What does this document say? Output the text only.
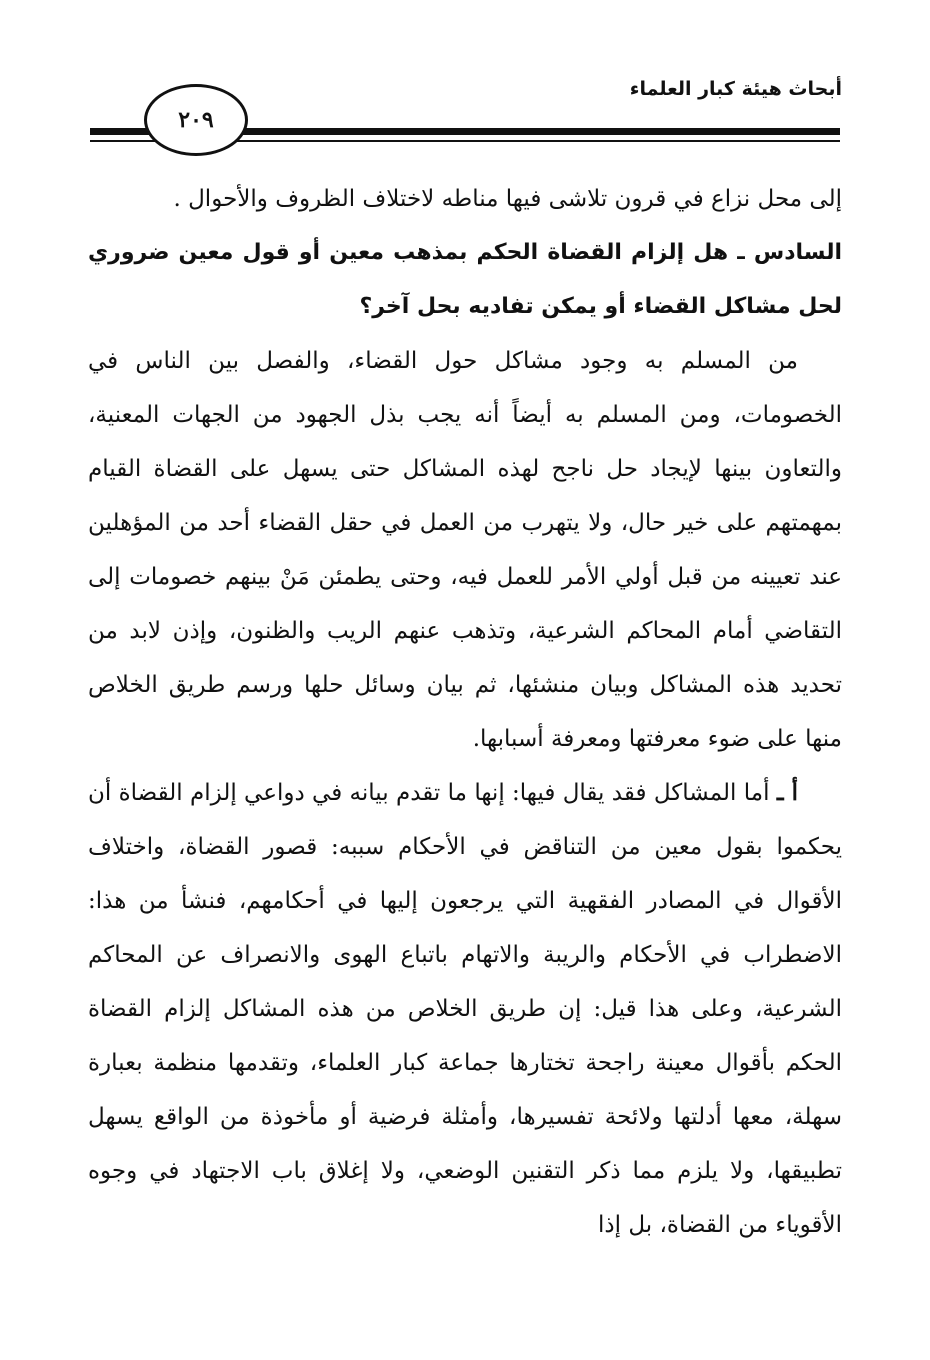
أبحاث هيئة كبار العلماء
٢٠٩

إلى محل نزاع في قرون تلاشى فيها مناطه لاختلاف الظروف والأحوال .

السادس ـ هل إلزام القضاة الحكم بمذهب معين أو قول معين ضروري لحل مشاكل القضاء أو يمكن تفاديه بحل آخر؟

من المسلم به وجود مشاكل حول القضاء، والفصل بين الناس في الخصومات، ومن المسلم به أيضاً أنه يجب بذل الجهود من الجهات المعنية، والتعاون بينها لإيجاد حل ناجح لهذه المشاكل حتى يسهل على القضاة القيام بمهمتهم على خير حال، ولا يتهرب من العمل في حقل القضاء أحد من المؤهلين عند تعيينه من قبل أولي الأمر للعمل فيه، وحتى يطمئن مَنْ بينهم خصومات إلى التقاضي أمام المحاكم الشرعية، وتذهب عنهم الريب والظنون، وإذن لابد من تحديد هذه المشاكل وبيان منشئها، ثم بيان وسائل حلها ورسم طريق الخلاص منها على ضوء معرفتها ومعرفة أسبابها.

أ ـ أما المشاكل فقد يقال فيها: إنها ما تقدم بيانه في دواعي إلزام القضاة أن يحكموا بقول معين من التناقض في الأحكام سببه: قصور القضاة، واختلاف الأقوال في المصادر الفقهية التي يرجعون إليها في أحكامهم، فنشأ من هذا: الاضطراب في الأحكام والريبة والاتهام باتباع الهوى والانصراف عن المحاكم الشرعية، وعلى هذا قيل: إن طريق الخلاص من هذه المشاكل إلزام القضاة الحكم بأقوال معينة راجحة تختارها جماعة كبار العلماء، وتقدمها منظمة بعبارة سهلة، معها أدلتها ولائحة تفسيرها، وأمثلة فرضية أو مأخوذة من الواقع يسهل تطبيقها، ولا يلزم مما ذكر التقنين الوضعي، ولا إغلاق باب الاجتهاد في وجوه الأقوياء من القضاة، بل إذا
